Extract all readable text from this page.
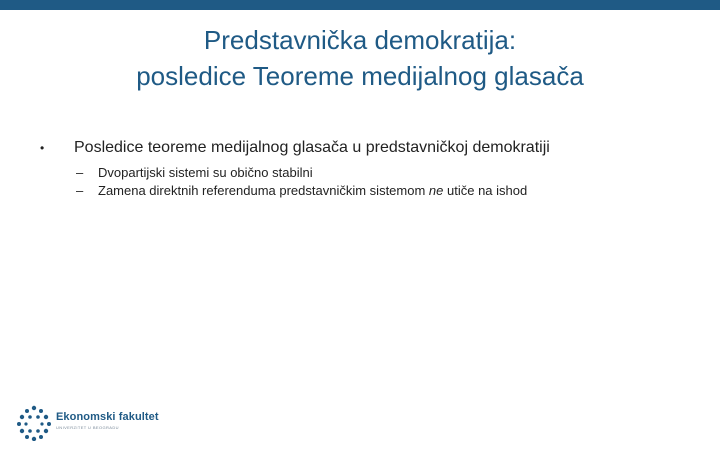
Predstavnička demokratija:
posledice Teoreme medijalnog glasača
•	Posledice teoreme medijalnog glasača u predstavničkoj demokratiji
–	Dvopartijski sistemi su obično stabilni
–	Zamena direktnih referenduma predstavničkim sistemom ne utiče na ishod
Ekonomski fakultet
UNIVERZITET U BEOGRADU
